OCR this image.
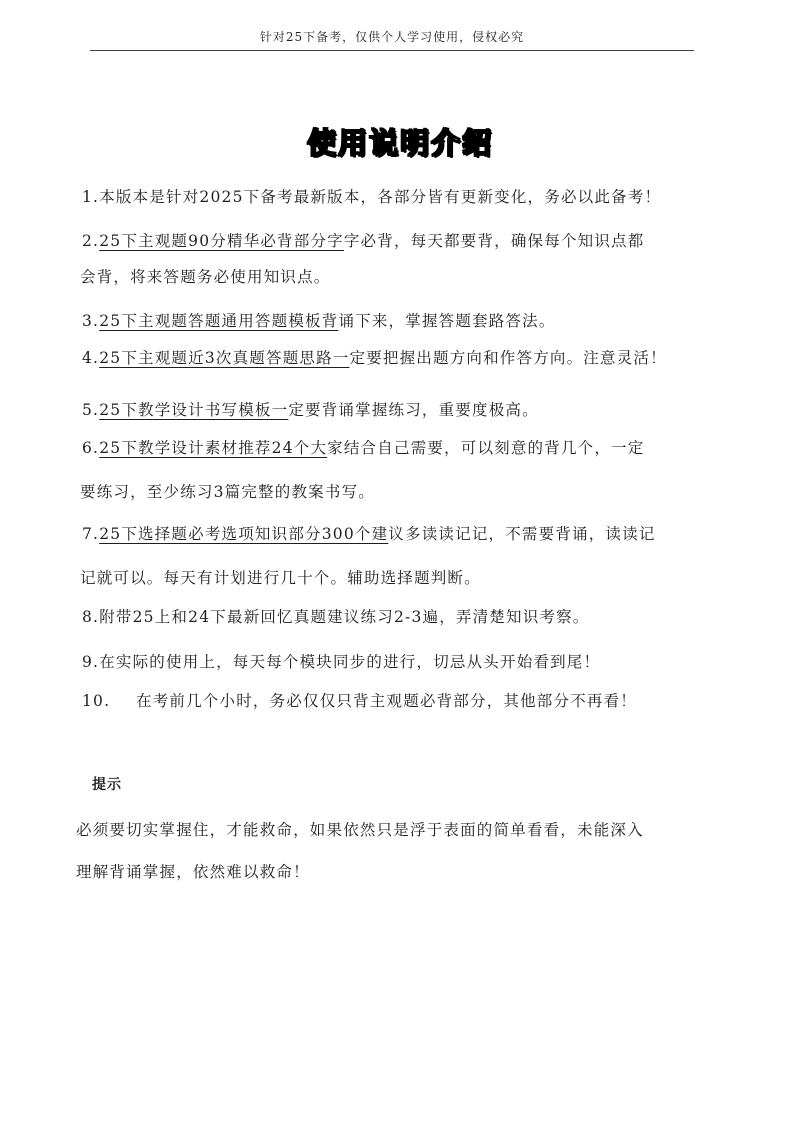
针对25下备考，仅供个人学习使用，侵权必究
使用说明介绍
1.本版本是针对2025下备考最新版本，各部分皆有更新变化，务必以此备考！
2.25下主观题90分精华必背部分字字必背，每天都要背，确保每个知识点都
会背，将来答题务必使用知识点。
3.25下主观题答题通用答题模板背诵下来，掌握答题套路答法。
4.25下主观题近3次真题答题思路一定要把握出题方向和作答方向。注意灵活！
5.25下教学设计书写模板一定要背诵掌握练习，重要度极高。
6.25下教学设计素材推荐24个大家结合自己需要，可以刻意的背几个，一定
要练习，至少练习3篇完整的教案书写。
7.25下选择题必考选项知识部分300个建议多读读记记，不需要背诵，读读记
记就可以。每天有计划进行几十个。辅助选择题判断。
8.附带25上和24下最新回忆真题建议练习2-3遍，弄清楚知识考察。
9.在实际的使用上，每天每个模块同步的进行，切忌从头开始看到尾！
10. 在考前几个小时，务必仅仅只背主观题必背部分，其他部分不再看！
提示
必须要切实掌握住，才能救命，如果依然只是浮于表面的简单看看，未能深入
理解背诵掌握，依然难以救命！
